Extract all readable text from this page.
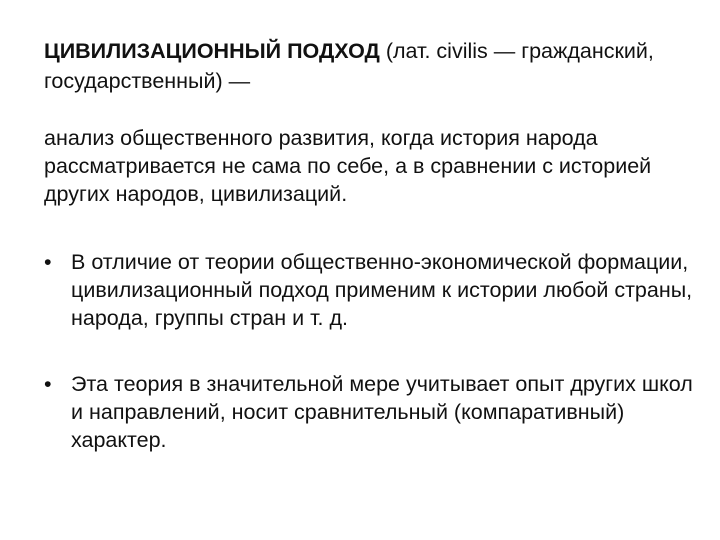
ЦИВИЛИЗАЦИОННЫЙ ПОДХОД (лат. civilis — гражданский, государственный) —
анализ общественного развития, когда история народа рассматривается не сама по себе, а в сравнении с историей других народов, цивилизаций.
• В отличие от теории общественно-экономической формации, цивилизационный подход применим к истории любой страны, народа, группы стран и т. д.
• Эта теория в значительной мере учитывает опыт других школ и направлений, носит сравнительный (компаративный) характер.
